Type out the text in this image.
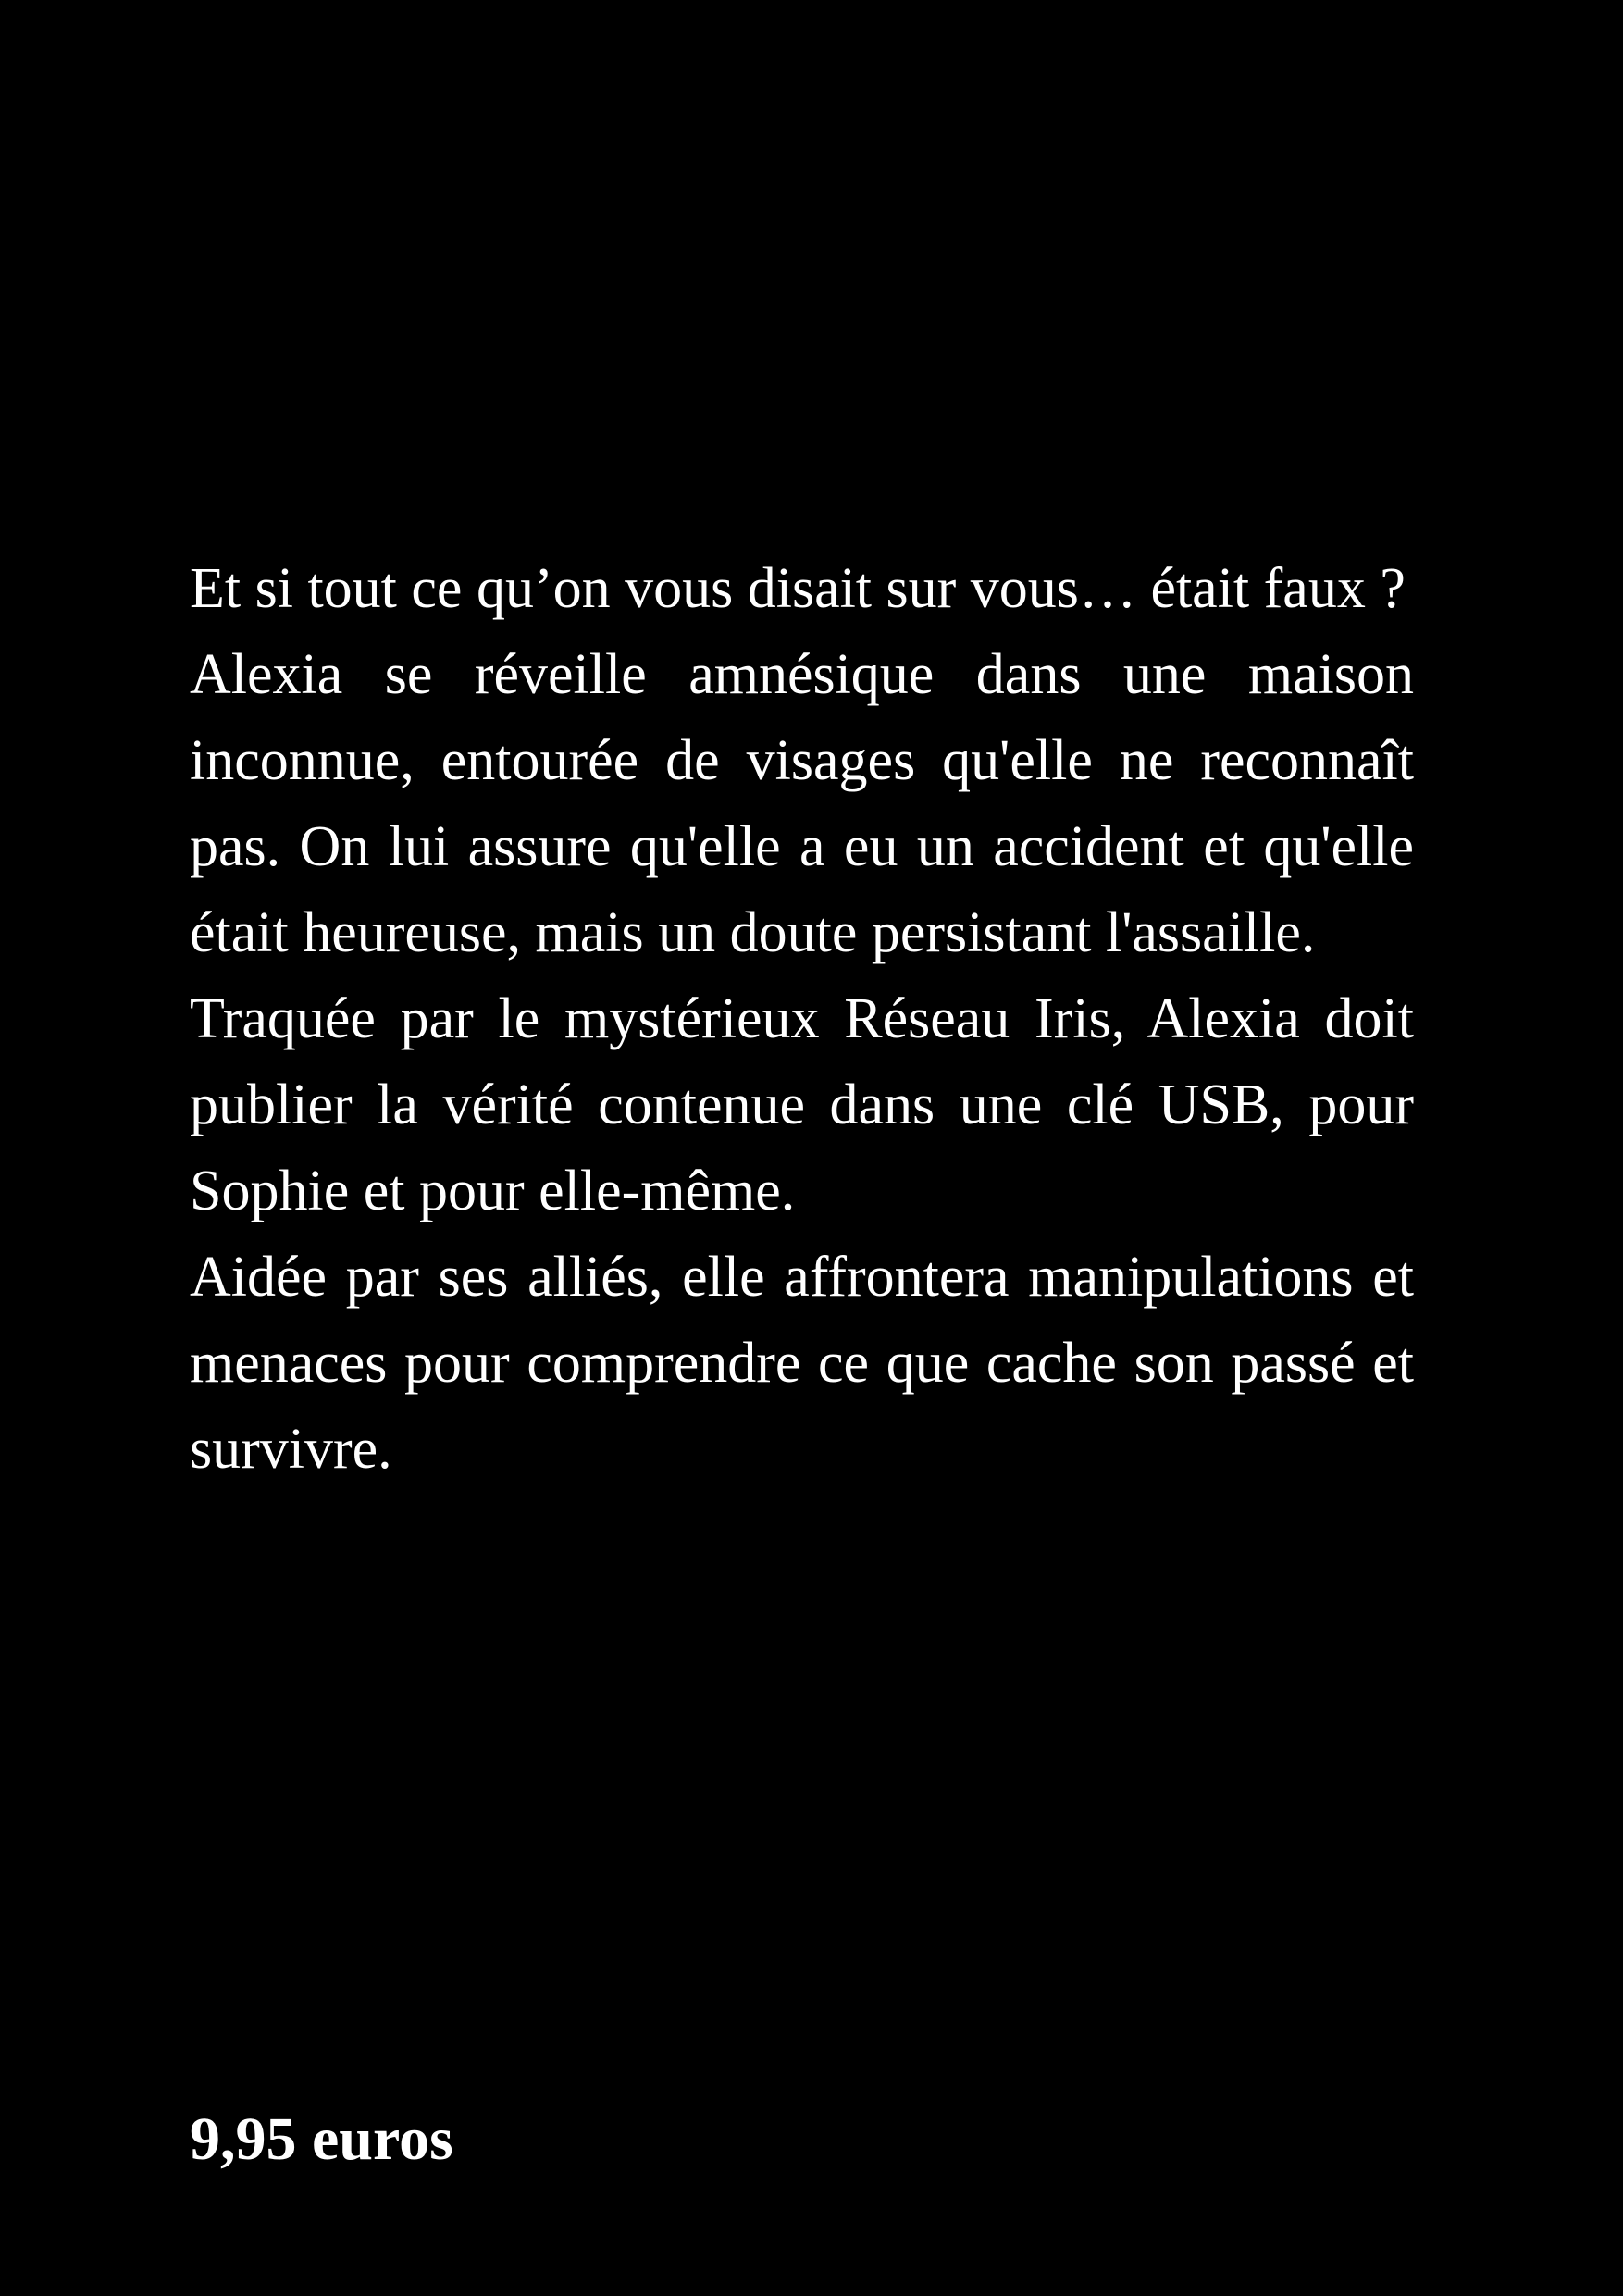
Et si tout ce qu’on vous disait sur vous… était faux ?

Alexia se réveille amnésique dans une maison inconnue, entourée de visages qu'elle ne reconnaît pas. On lui assure qu'elle a eu un accident et qu'elle était heureuse, mais un doute persistant l'assaille.

Traquée par le mystérieux Réseau Iris, Alexia doit publier la vérité contenue dans une clé USB, pour Sophie et pour elle-même.

Aidée par ses alliés, elle affrontera manipulations et menaces pour comprendre ce que cache son passé et survivre.

9,95 euros
